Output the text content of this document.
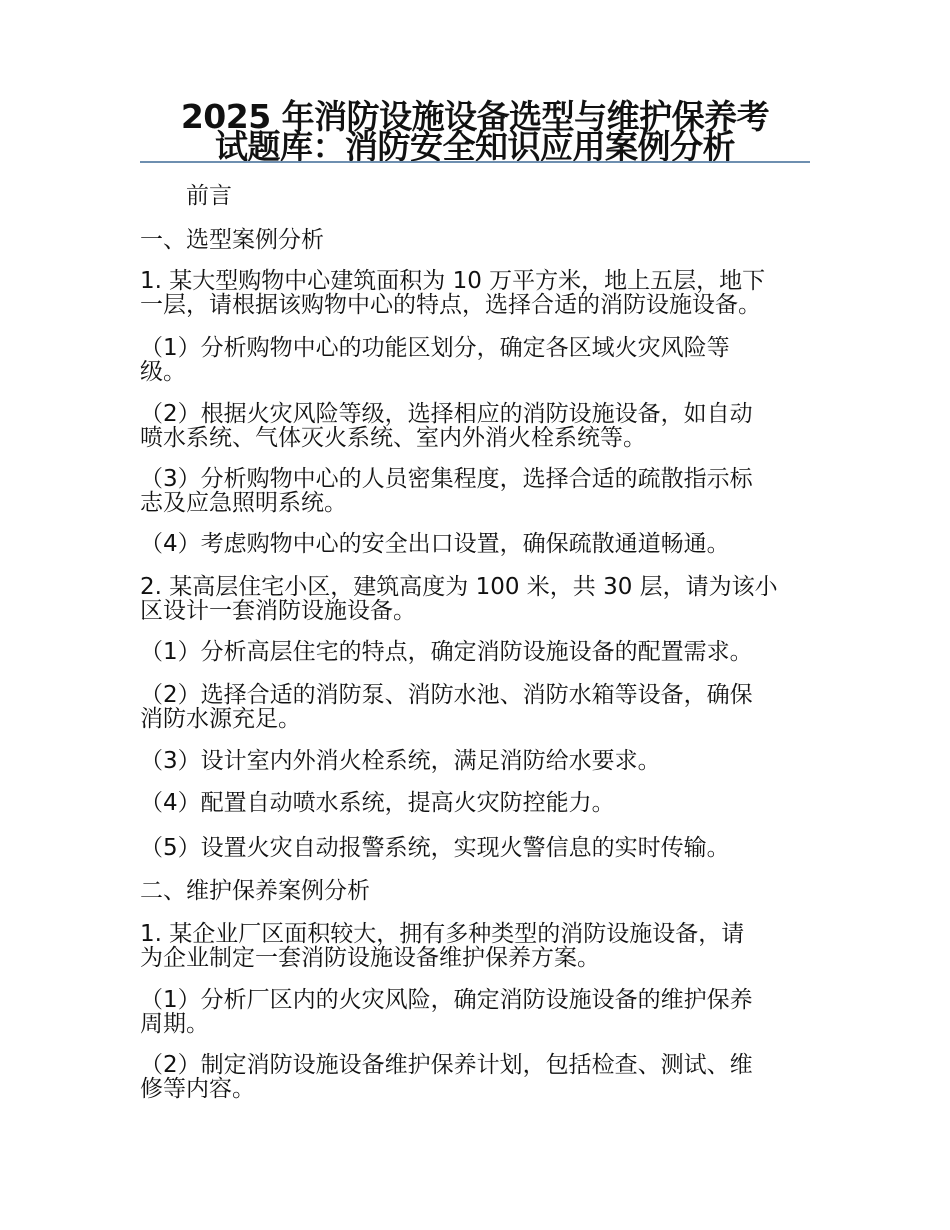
2025 年消防设施设备选型与维护保养考
试题库：消防安全知识应用案例分析
前言
一、选型案例分析
1. 某大型购物中心建筑面积为 10 万平方米，地上五层，地下
一层，请根据该购物中心的特点，选择合适的消防设施设备。
（1）分析购物中心的功能区划分，确定各区域火灾风险等
级。
（2）根据火灾风险等级，选择相应的消防设施设备，如自动
喷水系统、气体灭火系统、室内外消火栓系统等。
（3）分析购物中心的人员密集程度，选择合适的疏散指示标
志及应急照明系统。
（4）考虑购物中心的安全出口设置，确保疏散通道畅通。
2. 某高层住宅小区，建筑高度为 100 米，共 30 层，请为该小
区设计一套消防设施设备。
（1）分析高层住宅的特点，确定消防设施设备的配置需求。
（2）选择合适的消防泵、消防水池、消防水箱等设备，确保
消防水源充足。
（3）设计室内外消火栓系统，满足消防给水要求。
（4）配置自动喷水系统，提高火灾防控能力。
（5）设置火灾自动报警系统，实现火警信息的实时传输。
二、维护保养案例分析
1. 某企业厂区面积较大，拥有多种类型的消防设施设备，请
为企业制定一套消防设施设备维护保养方案。
（1）分析厂区内的火灾风险，确定消防设施设备的维护保养
周期。
（2）制定消防设施设备维护保养计划，包括检查、测试、维
修等内容。
